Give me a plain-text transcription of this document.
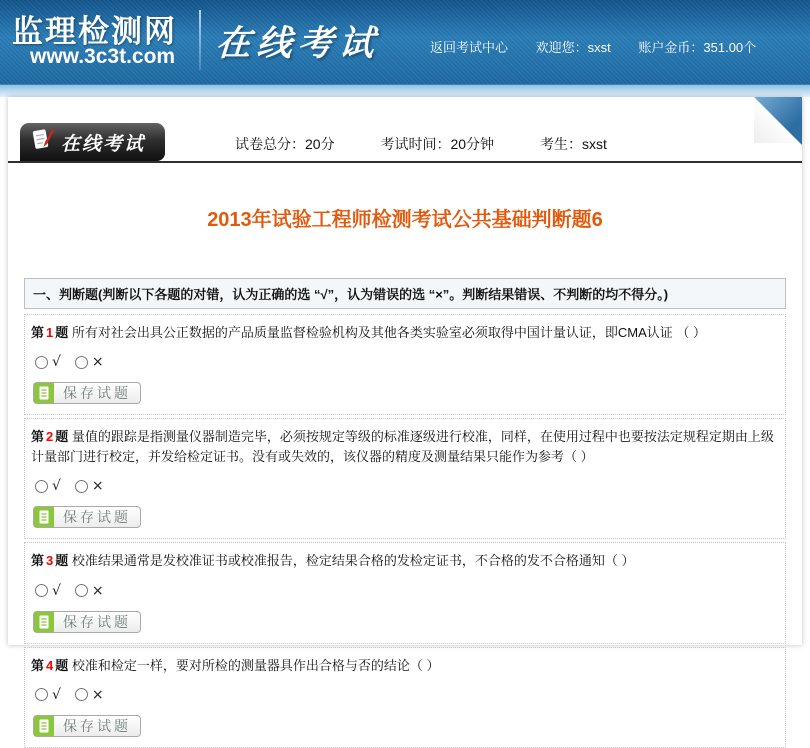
监理检测网
www.3c3t.com 在线考试	返回考试中心 欢迎您：sxst 账户金币：351.00个
在线考试	试卷总分：20分	考试时间：20分钟	考生：sxst
2013年试验工程师检测考试公共基础判断题6
一、判断题(判断以下各题的对错，认为正确的选 “√”，认为错误的选 “×”。判断结果错误、不判断的均不得分。)
第 1 题 所有对社会出具公正数据的产品质量监督检验机构及其他各类实验室必须取得中国计量认证，即CMA认证 （ ）
√ ×
保存试题
第 2 题 量值的跟踪是指测量仪器制造完毕，必须按规定等级的标准逐级进行校准，同样，在使用过程中也要按法定规程定期由上级计量部门进行校定，并发给检定证书。没有或失效的，该仪器的精度及测量结果只能作为参考（ ）
√ ×
保存试题
第 3 题 校准结果通常是发校准证书或校准报告，检定结果合格的发检定证书，不合格的发不合格通知（ ）
√ ×
保存试题
第 4 题 校准和检定一样，要对所检的测量器具作出合格与否的结论（ ）
√ ×
保存试题
